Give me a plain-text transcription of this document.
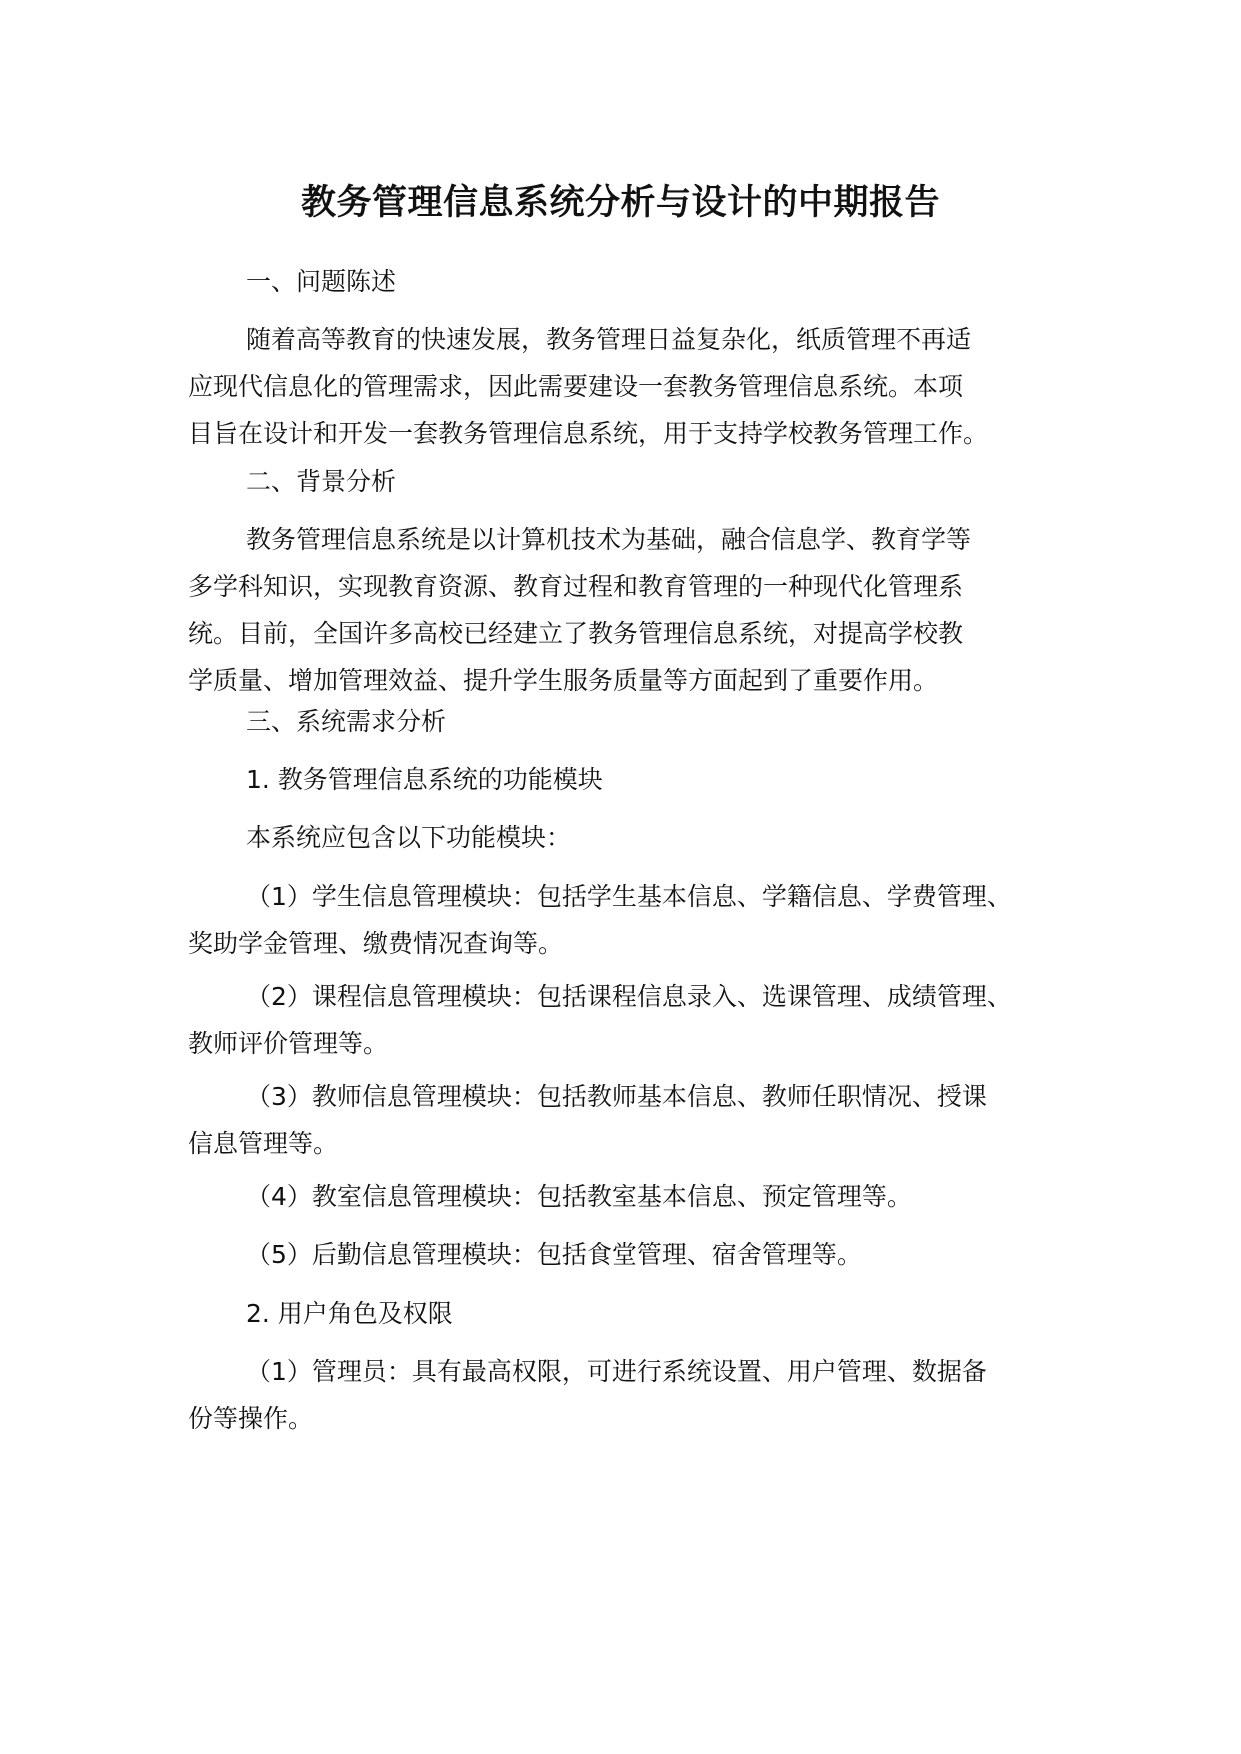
教务管理信息系统分析与设计的中期报告
一、问题陈述
随着高等教育的快速发展，教务管理日益复杂化，纸质管理不再适
应现代信息化的管理需求，因此需要建设一套教务管理信息系统。本项
目旨在设计和开发一套教务管理信息系统，用于支持学校教务管理工作。
二、背景分析
教务管理信息系统是以计算机技术为基础，融合信息学、教育学等
多学科知识，实现教育资源、教育过程和教育管理的一种现代化管理系
统。目前，全国许多高校已经建立了教务管理信息系统，对提高学校教
学质量、增加管理效益、提升学生服务质量等方面起到了重要作用。
三、系统需求分析
1. 教务管理信息系统的功能模块
本系统应包含以下功能模块：
（1）学生信息管理模块：包括学生基本信息、学籍信息、学费管理、
奖助学金管理、缴费情况查询等。
（2）课程信息管理模块：包括课程信息录入、选课管理、成绩管理、
教师评价管理等。
（3）教师信息管理模块：包括教师基本信息、教师任职情况、授课
信息管理等。
（4）教室信息管理模块：包括教室基本信息、预定管理等。
（5）后勤信息管理模块：包括食堂管理、宿舍管理等。
2. 用户角色及权限
（1）管理员：具有最高权限，可进行系统设置、用户管理、数据备
份等操作。
